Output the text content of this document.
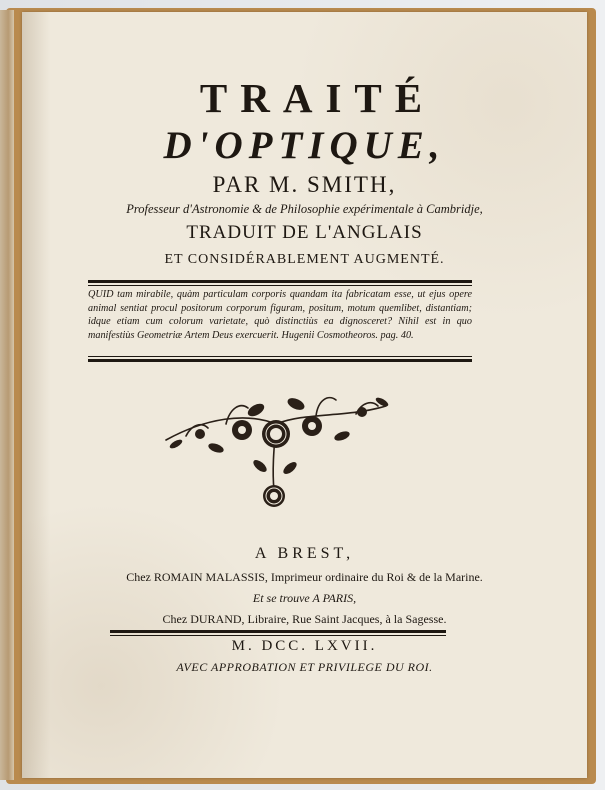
TRAITÉ
D'OPTIQUE,
PAR M. SMITH,
Professeur d'Astronomie & de Philosophie expérimentale à Cambridje,
TRADUIT DE L'ANGLAIS
ET CONSIDÉRABLEMENT AUGMENTÉ.
QUID tam mirabile, quàm particulam corporis quandam ita fabricatam esse, ut ejus opere animal sentiat procul positorum corporum figuram, positum, motum quemlibet, distantiam; idque etiam cum colorum varietate, quò distinctiùs ea dignosceret? Nihil est in quo manifestiùs Geometriæ Artem Deus exercuerit. Hugenii Cosmotheoros. pag. 40.
A BREST,
Chez ROMAIN MALASSIS, Imprimeur ordinaire du Roi & de la Marine.
Et se trouve A PARIS,
Chez DURAND, Libraire, Rue Saint Jacques, à la Sagesse.
M. DCC. LXVII.
AVEC APPROBATION ET PRIVILEGE DU ROI.
